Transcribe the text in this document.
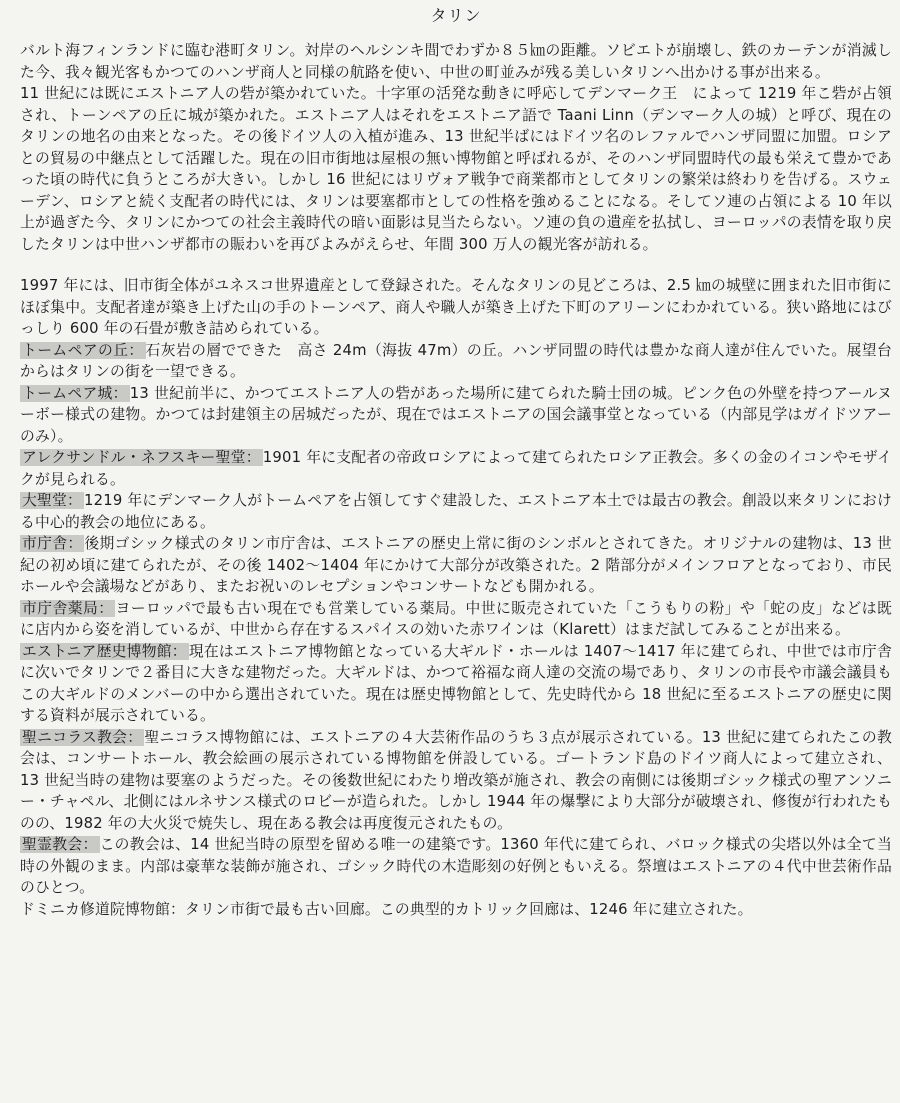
タリン

バルト海フィンランドに臨む港町タリン。対岸のヘルシンキ間でわずか８５㎞の距離。ソビエトが崩壊し、鉄のカーテンが消滅した今、我々観光客もかつてのハンザ商人と同様の航路を使い、中世の町並みが残る美しいタリンへ出かける事が出来る。

11 世紀には既にエストニア人の砦が築かれていた。十字軍の活発な動きに呼応してデンマーク王　によって 1219 年こ砦が占領され、トーンペアの丘に城が築かれた。エストニア人はそれをエストニア語で Taani Linn（デンマーク人の城）と呼び、現在のタリンの地名の由来となった。その後ドイツ人の入植が進み、13 世紀半ばにはドイツ名のレファルでハンザ同盟に加盟。ロシアとの貿易の中継点として活躍した。現在の旧市街地は屋根の無い博物館と呼ばれるが、そのハンザ同盟時代の最も栄えて豊かであった頃の時代に負うところが大きい。しかし 16 世紀にはリヴォア戦争で商業都市としてタリンの繁栄は終わりを告げる。スウェーデン、ロシアと続く支配者の時代には、タリンは要塞都市としての性格を強めることになる。そしてソ連の占領による 10 年以上が過ぎた今、タリンにかつての社会主義時代の暗い面影は見当たらない。ソ連の負の遺産を払拭し、ヨーロッパの表情を取り戻したタリンは中世ハンザ都市の賑わいを再びよみがえらせ、年間 300 万人の観光客が訪れる。

1997 年には、旧市街全体がユネスコ世界遺産として登録された。そんなタリンの見どころは、2.5 ㎞の城壁に囲まれた旧市街にほぼ集中。支配者達が築き上げた山の手のトーンペア、商人や職人が築き上げた下町のアリーンにわかれている。狭い路地にはびっしり 600 年の石畳が敷き詰められている。

トームペアの丘： 石灰岩の層でできた　高さ 24m（海抜 47m）の丘。ハンザ同盟の時代は豊かな商人達が住んでいた。展望台からはタリンの街を一望できる。

トームペア城： 13 世紀前半に、かつてエストニア人の砦があった場所に建てられた騎士団の城。ピンク色の外壁を持つアールヌーボー様式の建物。かつては封建領主の居城だったが、現在ではエストニアの国会議事堂となっている（内部見学はガイドツアーのみ）。

アレクサンドル・ネフスキー聖堂： 1901 年に支配者の帝政ロシアによって建てられたロシア正教会。多くの金のイコンやモザイクが見られる。

大聖堂： 1219 年にデンマーク人がトームペアを占領してすぐ建設した、エストニア本土では最古の教会。創設以来タリンにおける中心的教会の地位にある。

市庁舎： 後期ゴシック様式のタリン市庁舎は、エストニアの歴史上常に街のシンボルとされてきた。オリジナルの建物は、13 世紀の初め頃に建てられたが、その後 1402〜1404 年にかけて大部分が改築された。2 階部分がメインフロアとなっており、市民ホールや会議場などがあり、またお祝いのレセプションやコンサートなども開かれる。

市庁舎薬局： ヨーロッパで最も古い現在でも営業している薬局。中世に販売されていた「こうもりの粉」や「蛇の皮」などは既に店内から姿を消しているが、中世から存在するスパイスの効いた赤ワインは（Klarett）はまだ試してみることが出来る。

エストニア歴史博物館： 現在はエストニア博物館となっている大ギルド・ホールは 1407〜1417 年に建てられ、中世では市庁舎に次いでタリンで２番目に大きな建物だった。大ギルドは、かつて裕福な商人達の交流の場であり、タリンの市長や市議会議員もこの大ギルドのメンバーの中から選出されていた。現在は歴史博物館として、先史時代から 18 世紀に至るエストニアの歴史に関する資料が展示されている。

聖ニコラス教会： 聖ニコラス博物館には、エストニアの４大芸術作品のうち３点が展示されている。13 世紀に建てられたこの教会は、コンサートホール、教会絵画の展示されている博物館を併設している。ゴートランド島のドイツ商人によって建立され、13 世紀当時の建物は要塞のようだった。その後数世紀にわたり増改築が施され、教会の南側には後期ゴシック様式の聖アンソニー・チャペル、北側にはルネサンス様式のロビーが造られた。しかし 1944 年の爆撃により大部分が破壊され、修復が行われたものの、1982 年の大火災で焼失し、現在ある教会は再度復元されたもの。

聖霊教会： この教会は、14 世紀当時の原型を留める唯一の建築です。1360 年代に建てられ、バロック様式の尖塔以外は全て当時の外観のまま。内部は豪華な装飾が施され、ゴシック時代の木造彫刻の好例ともいえる。祭壇はエストニアの４代中世芸術作品のひとつ。

ドミニカ修道院博物館：タリン市街で最も古い回廊。この典型的カトリック回廊は、1246 年に建立された。
